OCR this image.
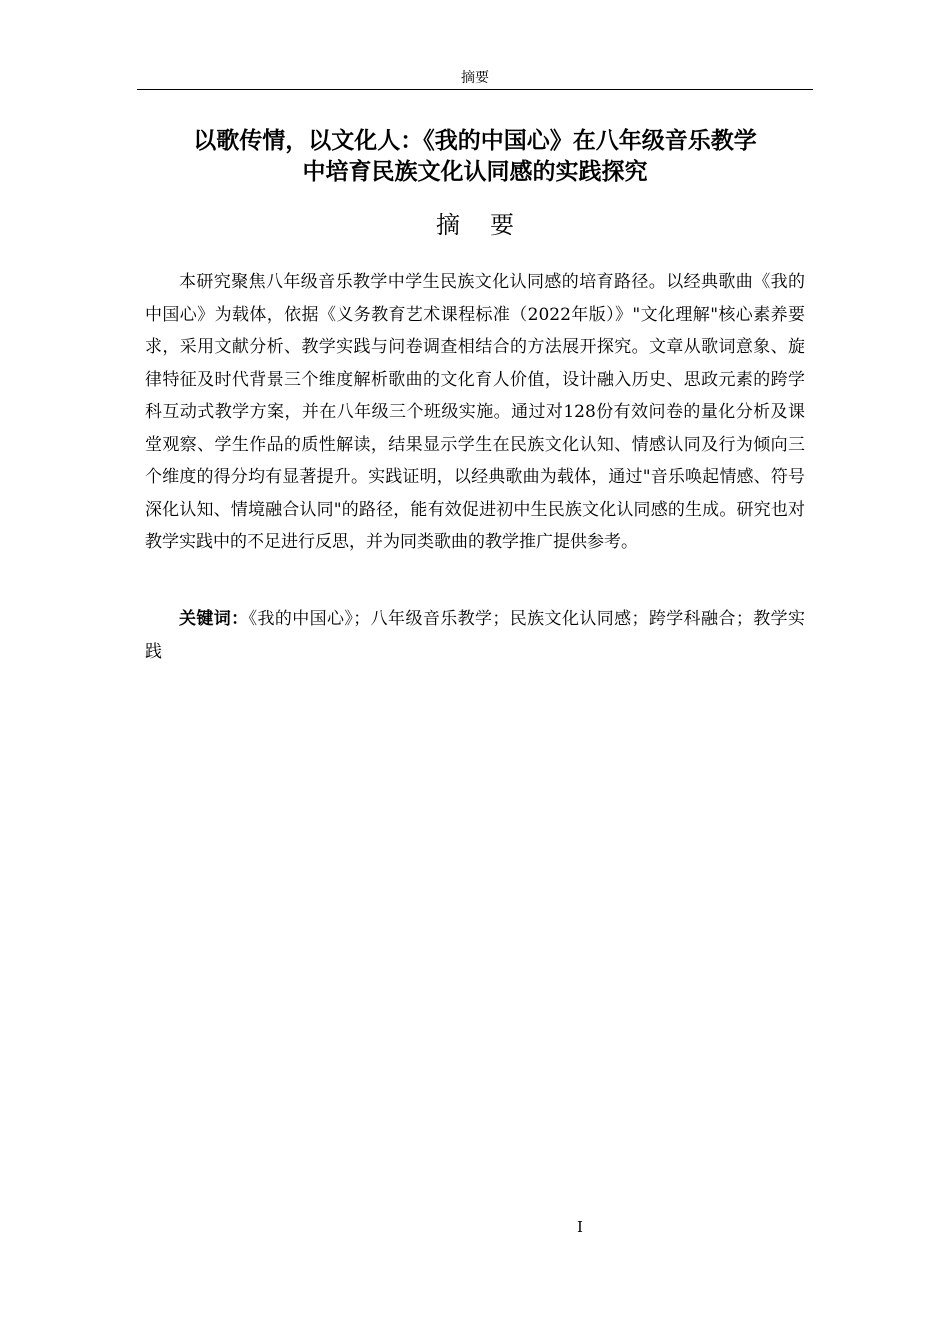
摘要
以歌传情，以文化人：《我的中国心》在八年级音乐教学
中培育民族文化认同感的实践探究
摘 要

本研究聚焦八年级音乐教学中学生民族文化认同感的培育路径。以经典歌曲《我的中国心》为载体，依据《义务教育艺术课程标准（2022年版）》"文化理解"核心素养要求，采用文献分析、教学实践与问卷调查相结合的方法展开探究。文章从歌词意象、旋律特征及时代背景三个维度解析歌曲的文化育人价值，设计融入历史、思政元素的跨学科互动式教学方案，并在八年级三个班级实施。通过对128份有效问卷的量化分析及课堂观察、学生作品的质性解读，结果显示学生在民族文化认知、情感认同及行为倾向三个维度的得分均有显著提升。实践证明，以经典歌曲为载体，通过"音乐唤起情感、符号深化认知、情境融合认同"的路径，能有效促进初中生民族文化认同感的生成。研究也对教学实践中的不足进行反思，并为同类歌曲的教学推广提供参考。

关键词：《我的中国心》；八年级音乐教学；民族文化认同感；跨学科融合；教学实践

I
